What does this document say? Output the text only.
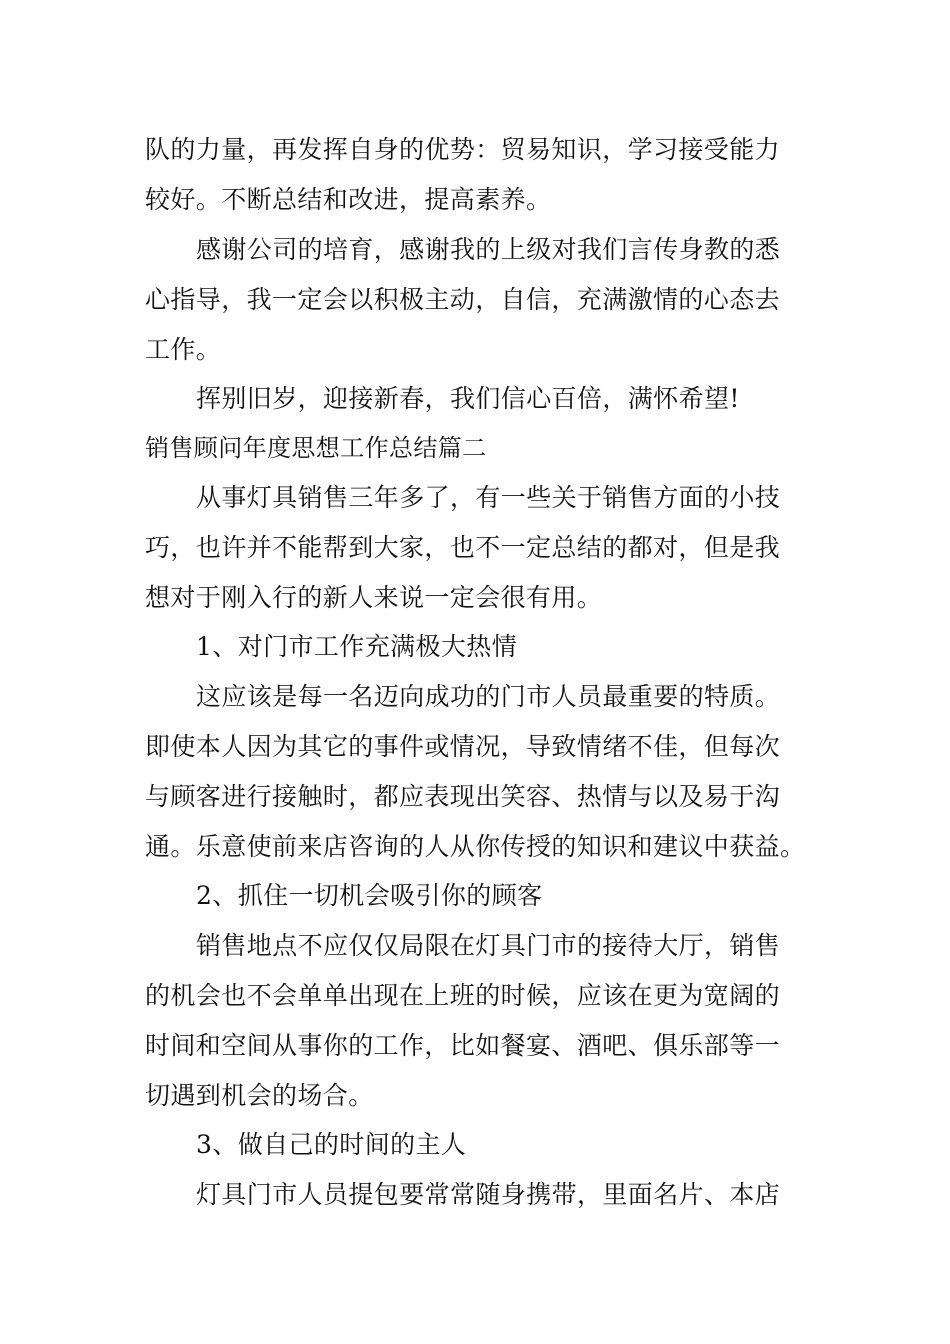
队的力量，再发挥自身的优势：贸易知识，学习接受能力
较好。不断总结和改进，提高素养。
感谢公司的培育，感谢我的上级对我们言传身教的悉
心指导，我一定会以积极主动，自信，充满激情的心态去
工作。
挥别旧岁，迎接新春，我们信心百倍，满怀希望!
销售顾问年度思想工作总结篇二
从事灯具销售三年多了，有一些关于销售方面的小技
巧，也许并不能帮到大家，也不一定总结的都对，但是我
想对于刚入行的新人来说一定会很有用。
1、对门市工作充满极大热情
这应该是每一名迈向成功的门市人员最重要的特质。
即使本人因为其它的事件或情况，导致情绪不佳，但每次
与顾客进行接触时，都应表现出笑容、热情与以及易于沟
通。乐意使前来店咨询的人从你传授的知识和建议中获益。
2、抓住一切机会吸引你的顾客
销售地点不应仅仅局限在灯具门市的接待大厅，销售
的机会也不会单单出现在上班的时候，应该在更为宽阔的
时间和空间从事你的工作，比如餐宴、酒吧、俱乐部等一
切遇到机会的场合。
3、做自己的时间的主人
灯具门市人员提包要常常随身携带，里面名片、本店
